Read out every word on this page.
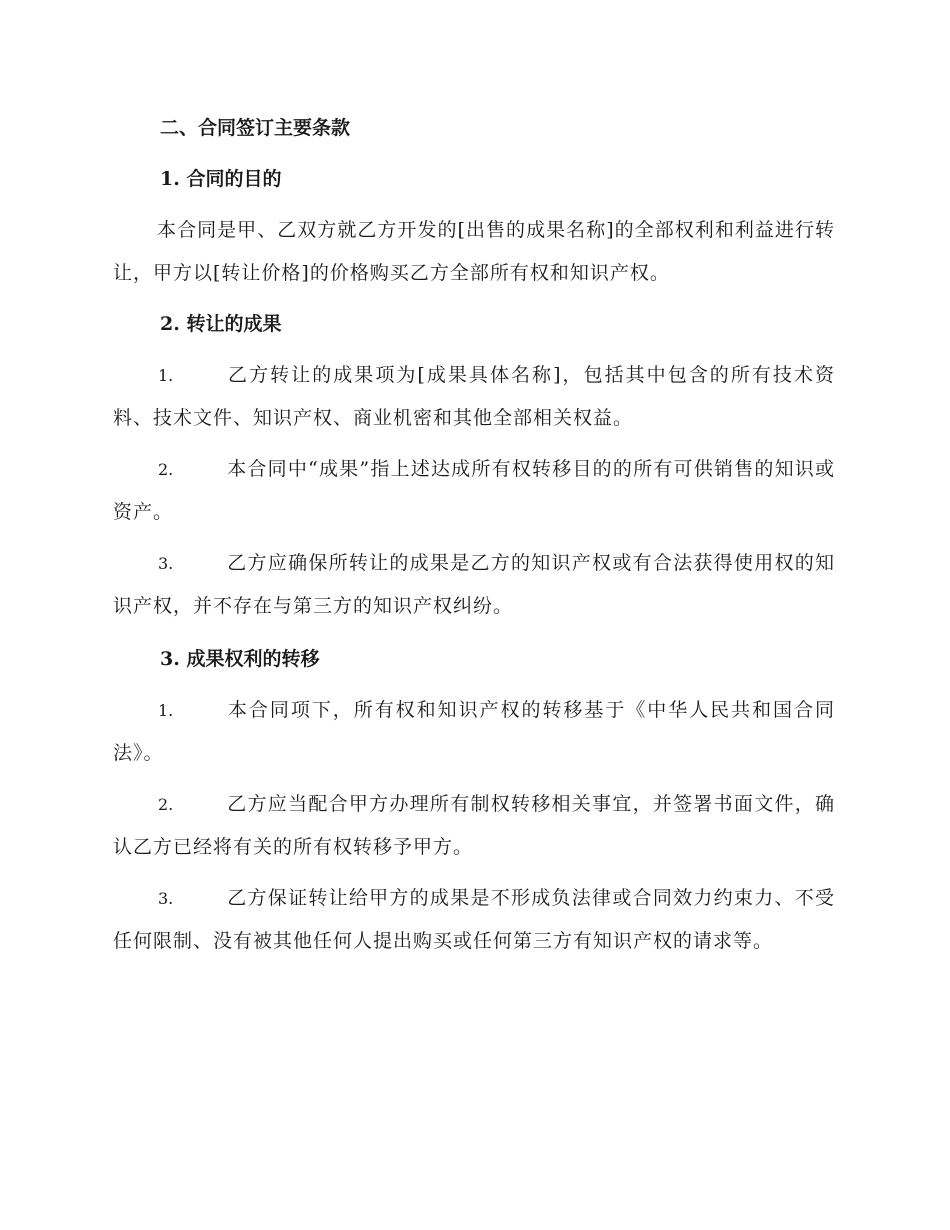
二、合同签订主要条款
1. 合同的目的
本合同是甲、乙双方就乙方开发的[出售的成果名称]的全部权利和利益进行转让，甲方以[转让价格]的价格购买乙方全部所有权和知识产权。
2. 转让的成果
1.	乙方转让的成果项为[成果具体名称]，包括其中包含的所有技术资料、技术文件、知识产权、商业机密和其他全部相关权益。
2.	本合同中“成果”指上述达成所有权转移目的的所有可供销售的知识或资产。
3.	乙方应确保所转让的成果是乙方的知识产权或有合法获得使用权的知识产权，并不存在与第三方的知识产权纠纷。
3. 成果权利的转移
1.	本合同项下，所有权和知识产权的转移基于《中华人民共和国合同法》。
2.	乙方应当配合甲方办理所有制权转移相关事宜，并签署书面文件，确认乙方已经将有关的所有权转移予甲方。
3.	乙方保证转让给甲方的成果是不形成负法律或合同效力约束力、不受任何限制、没有被其他任何人提出购买或任何第三方有知识产权的请求等。
